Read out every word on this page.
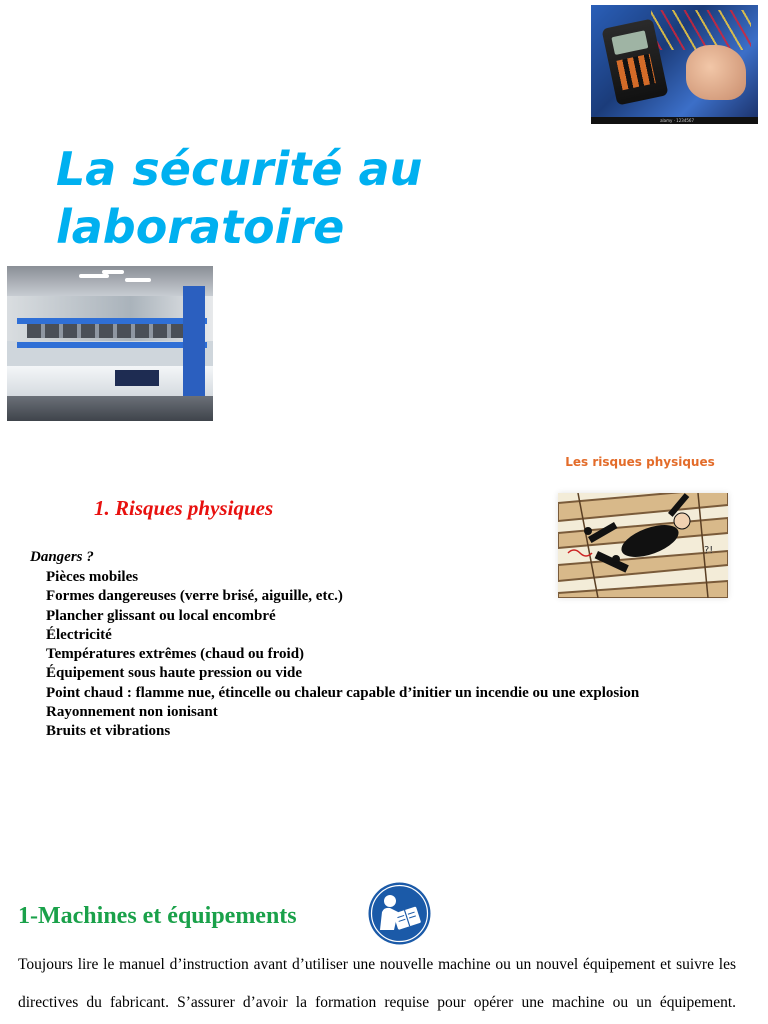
alamy · 1234567
La sécurité au laboratoire
Les risques physiques
?!
1. Risques physiques
Dangers ?
Pièces mobiles
Formes dangereuses (verre brisé, aiguille, etc.)
Plancher glissant ou local encombré
Électricité
Températures extrêmes (chaud ou froid)
Équipement sous haute pression ou vide
Point chaud : flamme nue, étincelle ou chaleur capable d’initier un incendie ou une explosion
Rayonnement non ionisant
Bruits et vibrations
1-Machines et équipements

Toujours lire le manuel d’instruction avant d’utiliser une nouvelle machine ou un nouvel équipement et suivre les directives du fabricant. S’assurer d’avoir la formation requise pour opérer une machine ou un équipement.
